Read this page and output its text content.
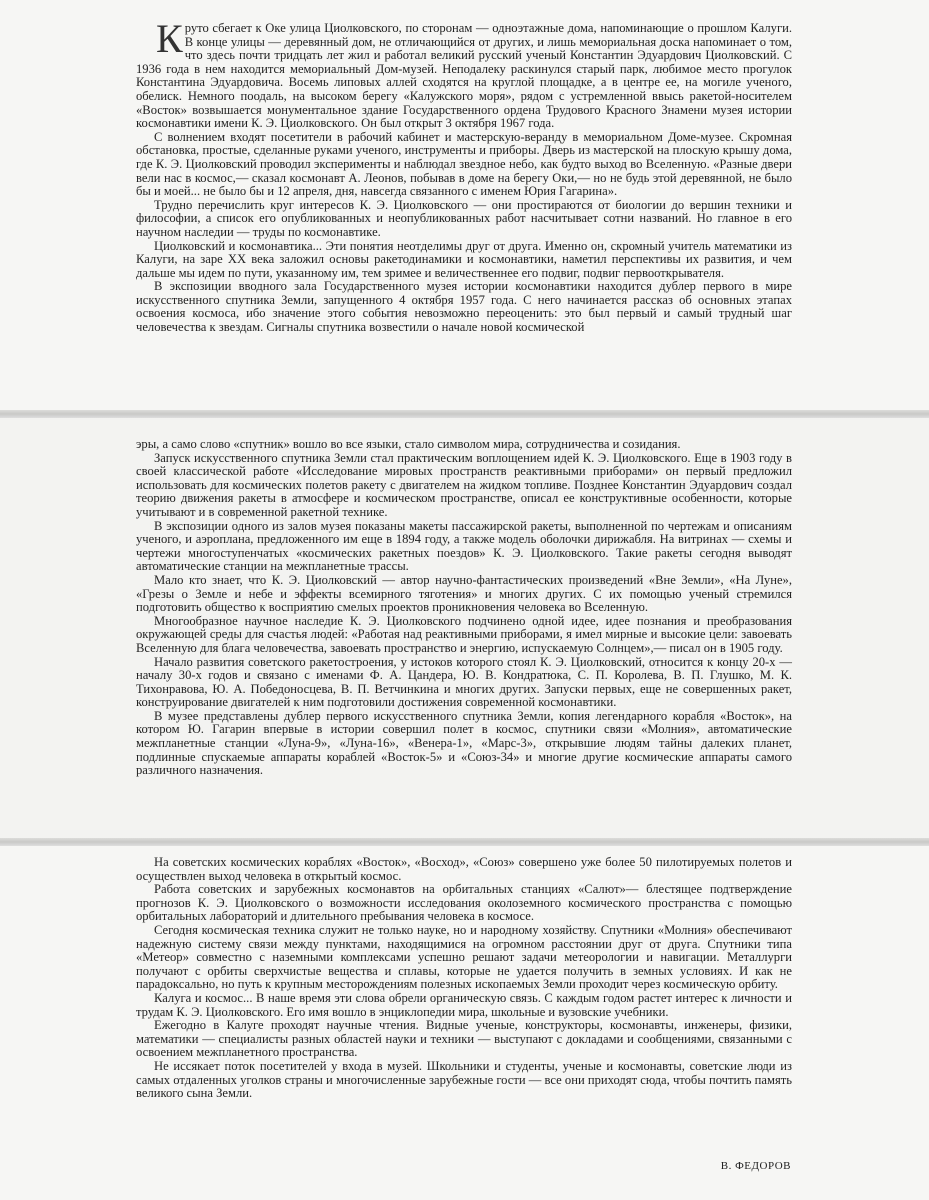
Круто сбегает к Оке улица Циолковского, по сторонам — одноэтажные дома, напоминающие о прошлом Калуги. В конце улицы — деревянный дом, не отличающийся от других, и лишь мемориальная доска напоминает о том, что здесь почти тридцать лет жил и работал великий русский ученый Константин Эдуардович Циолковский. С 1936 года в нем находится мемориальный Дом-музей. Неподалеку раскинулся старый парк, любимое место прогулок Константина Эдуардовича. Восемь липовых аллей сходятся на круглой площадке, а в центре ее, на могиле ученого, обелиск. Немного поодаль, на высоком берегу «Калужского моря», рядом с устремленной ввысь ракетой-носителем «Восток» возвышается монументальное здание Государственного ордена Трудового Красного Знамени музея истории космонавтики имени К. Э. Циолковского. Он был открыт 3 октября 1967 года.

С волнением входят посетители в рабочий кабинет и мастерскую-веранду в мемориальном Доме-музее. Скромная обстановка, простые, сделанные руками ученого, инструменты и приборы. Дверь из мастерской на плоскую крышу дома, где К. Э. Циолковский проводил эксперименты и наблюдал звездное небо, как будто выход во Вселенную. «Разные двери вели нас в космос,— сказал космонавт А. Леонов, побывав в доме на берегу Оки,— но не будь этой деревянной, не было бы и моей... не было бы и 12 апреля, дня, навсегда связанного с именем Юрия Гагарина».

Трудно перечислить круг интересов К. Э. Циолковского — они простираются от биологии до вершин техники и философии, а список его опубликованных и неопубликованных работ насчитывает сотни названий. Но главное в его научном наследии — труды по космонавтике.

Циолковский и космонавтика... Эти понятия неотделимы друг от друга. Именно он, скромный учитель математики из Калуги, на заре XX века заложил основы ракетодинамики и космонавтики, наметил перспективы их развития, и чем дальше мы идем по пути, указанному им, тем зримее и величественнее его подвиг, подвиг первооткрывателя.

В экспозиции вводного зала Государственного музея истории космонавтики находится дублер первого в мире искусственного спутника Земли, запущенного 4 октября 1957 года. С него начинается рассказ об основных этапах освоения космоса, ибо значение этого события невозможно переоценить: это был первый и самый трудный шаг человечества к звездам. Сигналы спутника возвестили о начале новой космической

эры, а само слово «спутник» вошло во все языки, стало символом мира, сотрудничества и созидания.

Запуск искусственного спутника Земли стал практическим воплощением идей К. Э. Циолковского. Еще в 1903 году в своей классической работе «Исследование мировых пространств реактивными приборами» он первый предложил использовать для космических полетов ракету с двигателем на жидком топливе. Позднее Константин Эдуардович создал теорию движения ракеты в атмосфере и космическом пространстве, описал ее конструктивные особенности, которые учитывают и в современной ракетной технике.

В экспозиции одного из залов музея показаны макеты пассажирской ракеты, выполненной по чертежам и описаниям ученого, и аэроплана, предложенного им еще в 1894 году, а также модель оболочки дирижабля. На витринах — схемы и чертежи многоступенчатых «космических ракетных поездов» К. Э. Циолковского. Такие ракеты сегодня выводят автоматические станции на межпланетные трассы.

Мало кто знает, что К. Э. Циолковский — автор научно-фантастических произведений «Вне Земли», «На Луне», «Грезы о Земле и небе и эффекты всемирного тяготения» и многих других. С их помощью ученый стремился подготовить общество к восприятию смелых проектов проникновения человека во Вселенную.

Многообразное научное наследие К. Э. Циолковского подчинено одной идее, идее познания и преобразования окружающей среды для счастья людей: «Работая над реактивными приборами, я имел мирные и высокие цели: завоевать Вселенную для блага человечества, завоевать пространство и энергию, испускаемую Солнцем»,— писал он в 1905 году.

Начало развития советского ракетостроения, у истоков которого стоял К. Э. Циолковский, относится к концу 20-х — началу 30-х годов и связано с именами Ф. А. Цандера, Ю. В. Кондратюка, С. П. Королева, В. П. Глушко, М. К. Тихонравова, Ю. А. Победоносцева, В. П. Ветчинкина и многих других. Запуски первых, еще не совершенных ракет, конструирование двигателей к ним подготовили достижения современной космонавтики.

В музее представлены дублер первого искусственного спутника Земли, копия легендарного корабля «Восток», на котором Ю. Гагарин впервые в истории совершил полет в космос, спутники связи «Молния», автоматические межпланетные станции «Луна-9», «Луна-16», «Венера-1», «Марс-3», открывшие людям тайны далеких планет, подлинные спускаемые аппараты кораблей «Восток-5» и «Союз-34» и многие другие космические аппараты самого различного назначения.

На советских космических кораблях «Восток», «Восход», «Союз» совершено уже более 50 пилотируемых полетов и осуществлен выход человека в открытый космос.

Работа советских и зарубежных космонавтов на орбитальных станциях «Салют»— блестящее подтверждение прогнозов К. Э. Циолковского о возможности исследования околоземного космического пространства с помощью орбитальных лабораторий и длительного пребывания человека в космосе.

Сегодня космическая техника служит не только науке, но и народному хозяйству. Спутники «Молния» обеспечивают надежную систему связи между пунктами, находящимися на огромном расстоянии друг от друга. Спутники типа «Метеор» совместно с наземными комплексами успешно решают задачи метеорологии и навигации. Металлурги получают с орбиты сверхчистые вещества и сплавы, которые не удается получить в земных условиях. И как не парадоксально, но путь к крупным месторождениям полезных ископаемых Земли проходит через космическую орбиту.

Калуга и космос... В наше время эти слова обрели органическую связь. С каждым годом растет интерес к личности и трудам К. Э. Циолковского. Его имя вошло в энциклопедии мира, школьные и вузовские учебники.

Ежегодно в Калуге проходят научные чтения. Видные ученые, конструкторы, космонавты, инженеры, физики, математики — специалисты разных областей науки и техники — выступают с докладами и сообщениями, связанными с освоением межпланетного пространства.

Не иссякает поток посетителей у входа в музей. Школьники и студенты, ученые и космонавты, советские люди из самых отдаленных уголков страны и многочисленные зарубежные гости — все они приходят сюда, чтобы почтить память великого сына Земли.

В. ФЕДОРОВ
